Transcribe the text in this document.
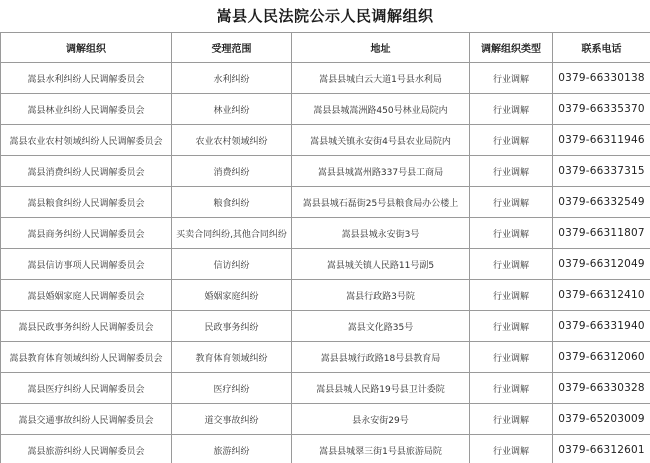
嵩县人民法院公示人民调解组织
调解组织	受理范围	地址	调解组织类型	联系电话
嵩县水利纠纷人民调解委员会	水利纠纷	嵩县县城白云大道1号县水利局	行业调解	0379-66330138
嵩县林业纠纷人民调解委员会	林业纠纷	嵩县县城嵩洲路450号林业局院内	行业调解	0379-66335370
嵩县农业农村领域纠纷人民调解委员会	农业农村领域纠纷	嵩县城关镇永安街4号县农业局院内	行业调解	0379-66311946
嵩县消费纠纷人民调解委员会	消费纠纷	嵩县县城嵩州路337号县工商局	行业调解	0379-66337315
嵩县粮食纠纷人民调解委员会	粮食纠纷	嵩县县城石磊街25号县粮食局办公楼上	行业调解	0379-66332549
嵩县商务纠纷人民调解委员会	买卖合同纠纷,其他合同纠纷	嵩县县城永安街3号	行业调解	0379-66311807
嵩县信访事项人民调解委员会	信访纠纷	嵩县城关镇人民路11号副5	行业调解	0379-66312049
嵩县婚姻家庭人民调解委员会	婚姻家庭纠纷	嵩县行政路3号院	行业调解	0379-66312410
嵩县民政事务纠纷人民调解委员会	民政事务纠纷	嵩县文化路35号	行业调解	0379-66331940
嵩县教育体育领域纠纷人民调解委员会	教育体育领域纠纷	嵩县县城行政路18号县教育局	行业调解	0379-66312060
嵩县医疗纠纷人民调解委员会	医疗纠纷	嵩县县城人民路19号县卫计委院	行业调解	0379-66330328
嵩县交通事故纠纷人民调解委员会	道交事故纠纷	县永安街29号	行业调解	0379-65203009
嵩县旅游纠纷人民调解委员会	旅游纠纷	嵩县县城翠三街1号县旅游局院	行业调解	0379-66312601
